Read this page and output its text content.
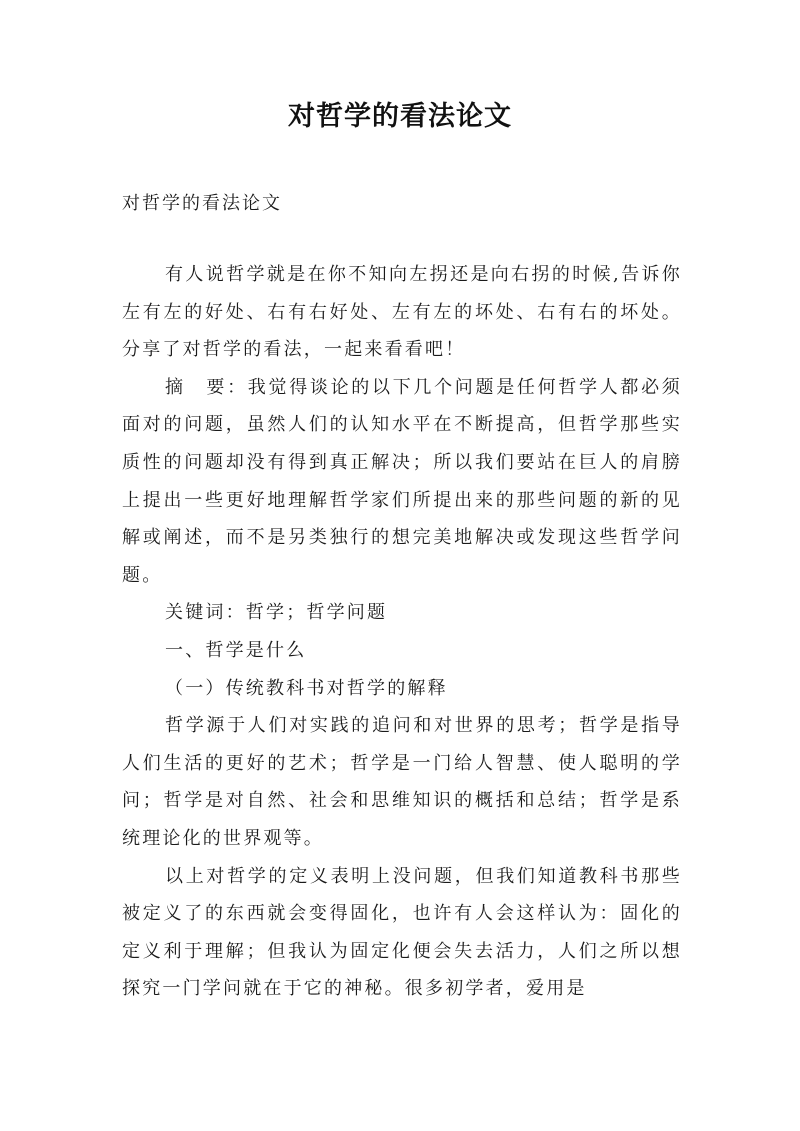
对哲学的看法论文
对哲学的看法论文

有人说哲学就是在你不知向左拐还是向右拐的时候,告诉你左有左的好处、右有右好处、左有左的坏处、右有右的坏处。分享了对哲学的看法，一起来看看吧！

摘　要：我觉得谈论的以下几个问题是任何哲学人都必须面对的问题，虽然人们的认知水平在不断提高，但哲学那些实质性的问题却没有得到真正解决；所以我们要站在巨人的肩膀上提出一些更好地理解哲学家们所提出来的那些问题的新的见解或阐述，而不是另类独行的想完美地解决或发现这些哲学问题。

关键词：哲学；哲学问题

一、哲学是什么

（一）传统教科书对哲学的解释

哲学源于人们对实践的追问和对世界的思考；哲学是指导人们生活的更好的艺术；哲学是一门给人智慧、使人聪明的学问；哲学是对自然、社会和思维知识的概括和总结；哲学是系统理论化的世界观等。

以上对哲学的定义表明上没问题，但我们知道教科书那些被定义了的东西就会变得固化，也许有人会这样认为：固化的定义利于理解；但我认为固定化便会失去活力，人们之所以想探究一门学问就在于它的神秘。很多初学者，爱用是
